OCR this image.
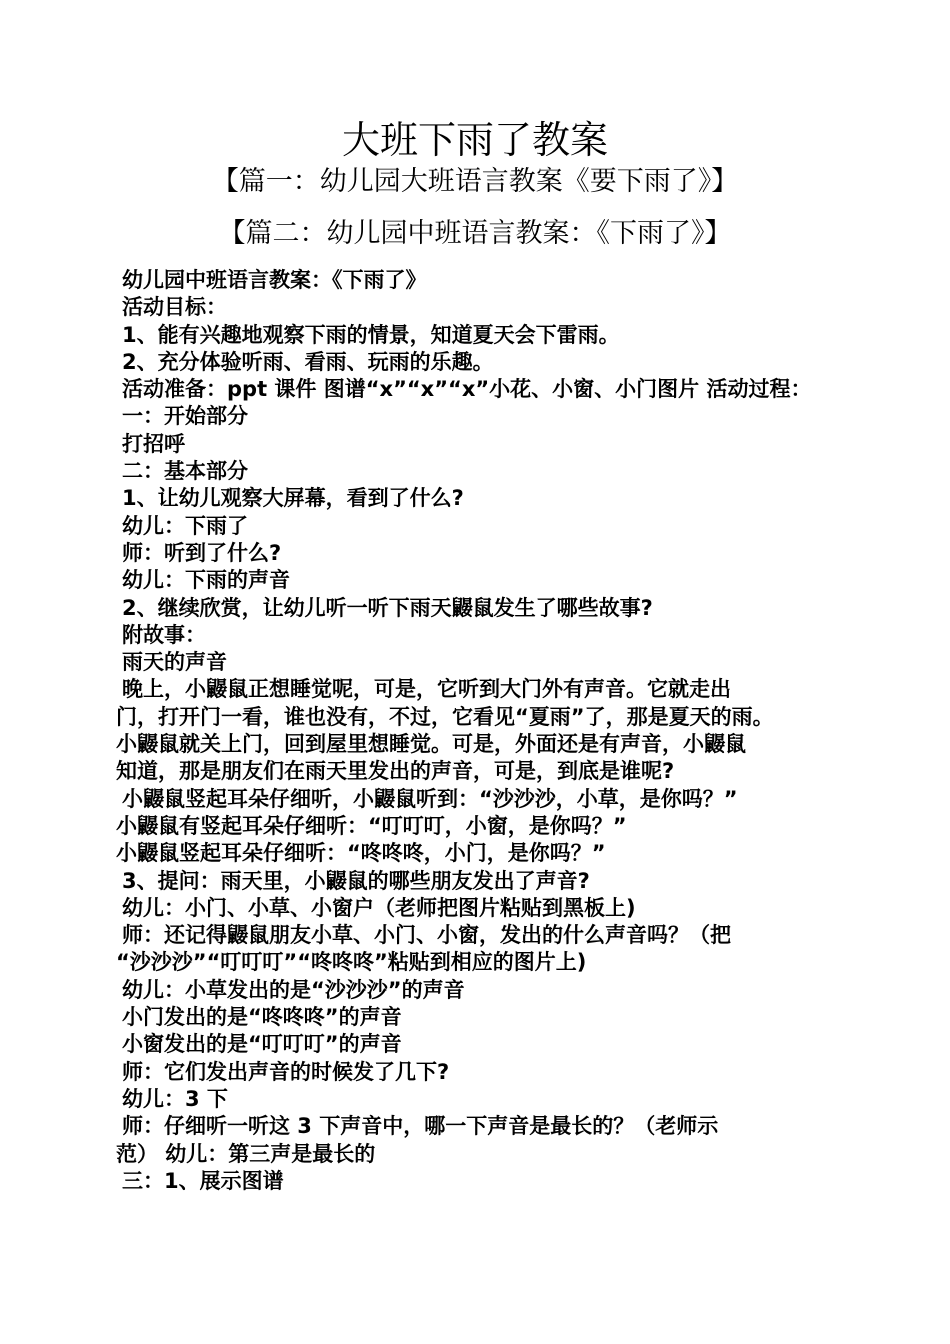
大班下雨了教案
【篇一：幼儿园大班语言教案《要下雨了》】
【篇二：幼儿园中班语言教案：《下雨了》】
幼儿园中班语言教案：《下雨了》
活动目标：
1、能有兴趣地观察下雨的情景，知道夏天会下雷雨。
2、充分体验听雨、看雨、玩雨的乐趣。
活动准备：ppt 课件 图谱“x”“x”“x”小花、小窗、小门图片 活动过程：
一：开始部分
打招呼
二：基本部分
1、让幼儿观察大屏幕，看到了什么?
幼儿：下雨了
师：听到了什么?
幼儿：下雨的声音
2、继续欣赏，让幼儿听一听下雨天鼹鼠发生了哪些故事?
附故事：
雨天的声音
晚上，小鼹鼠正想睡觉呢，可是，它听到大门外有声音。它就走出
门，打开门一看，谁也没有，不过，它看见“夏雨”了，那是夏天的雨。
小鼹鼠就关上门，回到屋里想睡觉。可是，外面还是有声音，小鼹鼠
知道，那是朋友们在雨天里发出的声音，可是，到底是谁呢?
小鼹鼠竖起耳朵仔细听，小鼹鼠听到：“沙沙沙，小草，是你吗？”
小鼹鼠有竖起耳朵仔细听：“叮叮叮，小窗，是你吗？”
小鼹鼠竖起耳朵仔细听：“咚咚咚，小门，是你吗？”
3、提问：雨天里，小鼹鼠的哪些朋友发出了声音?
幼儿：小门、小草、小窗户（老师把图片粘贴到黑板上)
师：还记得鼹鼠朋友小草、小门、小窗，发出的什么声音吗？（把
“沙沙沙”“叮叮叮”“咚咚咚”粘贴到相应的图片上)
幼儿：小草发出的是“沙沙沙”的声音
小门发出的是“咚咚咚”的声音
小窗发出的是“叮叮叮”的声音
师：它们发出声音的时候发了几下?
幼儿：3 下
师：仔细听一听这 3 下声音中，哪一下声音是最长的？（老师示
范） 幼儿：第三声是最长的
三：1、展示图谱
